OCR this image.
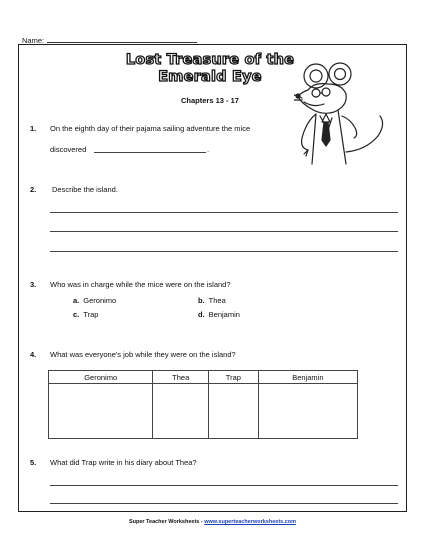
Name:
Lost Treasure of the
Emerald Eye
Chapters 13 - 17
1. On the eighth day of their pajama sailing adventure the mice
discovered	.
2. Describe the island.
3. Who was in charge while the mice were on the island?
a. Geronimo	b. Thea
c. Trap	d. Benjamin
4. What was everyone's job while they were on the island?
Geronimo	Thea	Trap	Benjamin

5. What did Trap write in his diary about Thea?
Super Teacher Worksheets - www.superteacherworksheets.com
